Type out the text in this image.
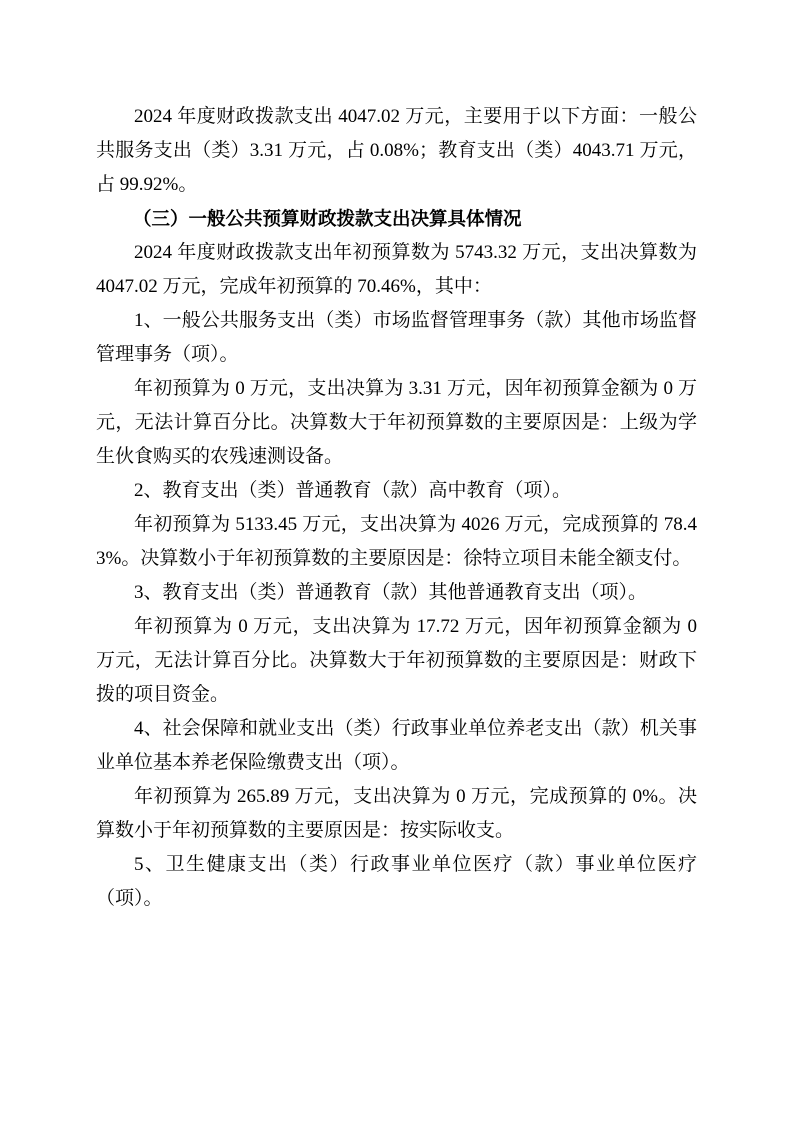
2024 年度财政拨款支出 4047.02 万元，主要用于以下方面：一般公共服务支出（类）3.31 万元，占 0.08%；教育支出（类）4043.71 万元，占 99.92%。

（三）一般公共预算财政拨款支出决算具体情况

2024 年度财政拨款支出年初预算数为 5743.32 万元，支出决算数为 4047.02 万元，完成年初预算的 70.46%，其中：

1、一般公共服务支出（类）市场监督管理事务（款）其他市场监督管理事务（项）。

年初预算为 0 万元，支出决算为 3.31 万元，因年初预算金额为 0 万元，无法计算百分比。决算数大于年初预算数的主要原因是：上级为学生伙食购买的农残速测设备。

2、教育支出（类）普通教育（款）高中教育（项）。

年初预算为 5133.45 万元，支出决算为 4026 万元，完成预算的 78.43%。决算数小于年初预算数的主要原因是：徐特立项目未能全额支付。

3、教育支出（类）普通教育（款）其他普通教育支出（项）。

年初预算为 0 万元，支出决算为 17.72 万元，因年初预算金额为 0 万元，无法计算百分比。决算数大于年初预算数的主要原因是：财政下拨的项目资金。

4、社会保障和就业支出（类）行政事业单位养老支出（款）机关事业单位基本养老保险缴费支出（项）。

年初预算为 265.89 万元，支出决算为 0 万元，完成预算的 0%。决算数小于年初预算数的主要原因是：按实际收支。

5、卫生健康支出（类）行政事业单位医疗（款）事业单位医疗（项）。
